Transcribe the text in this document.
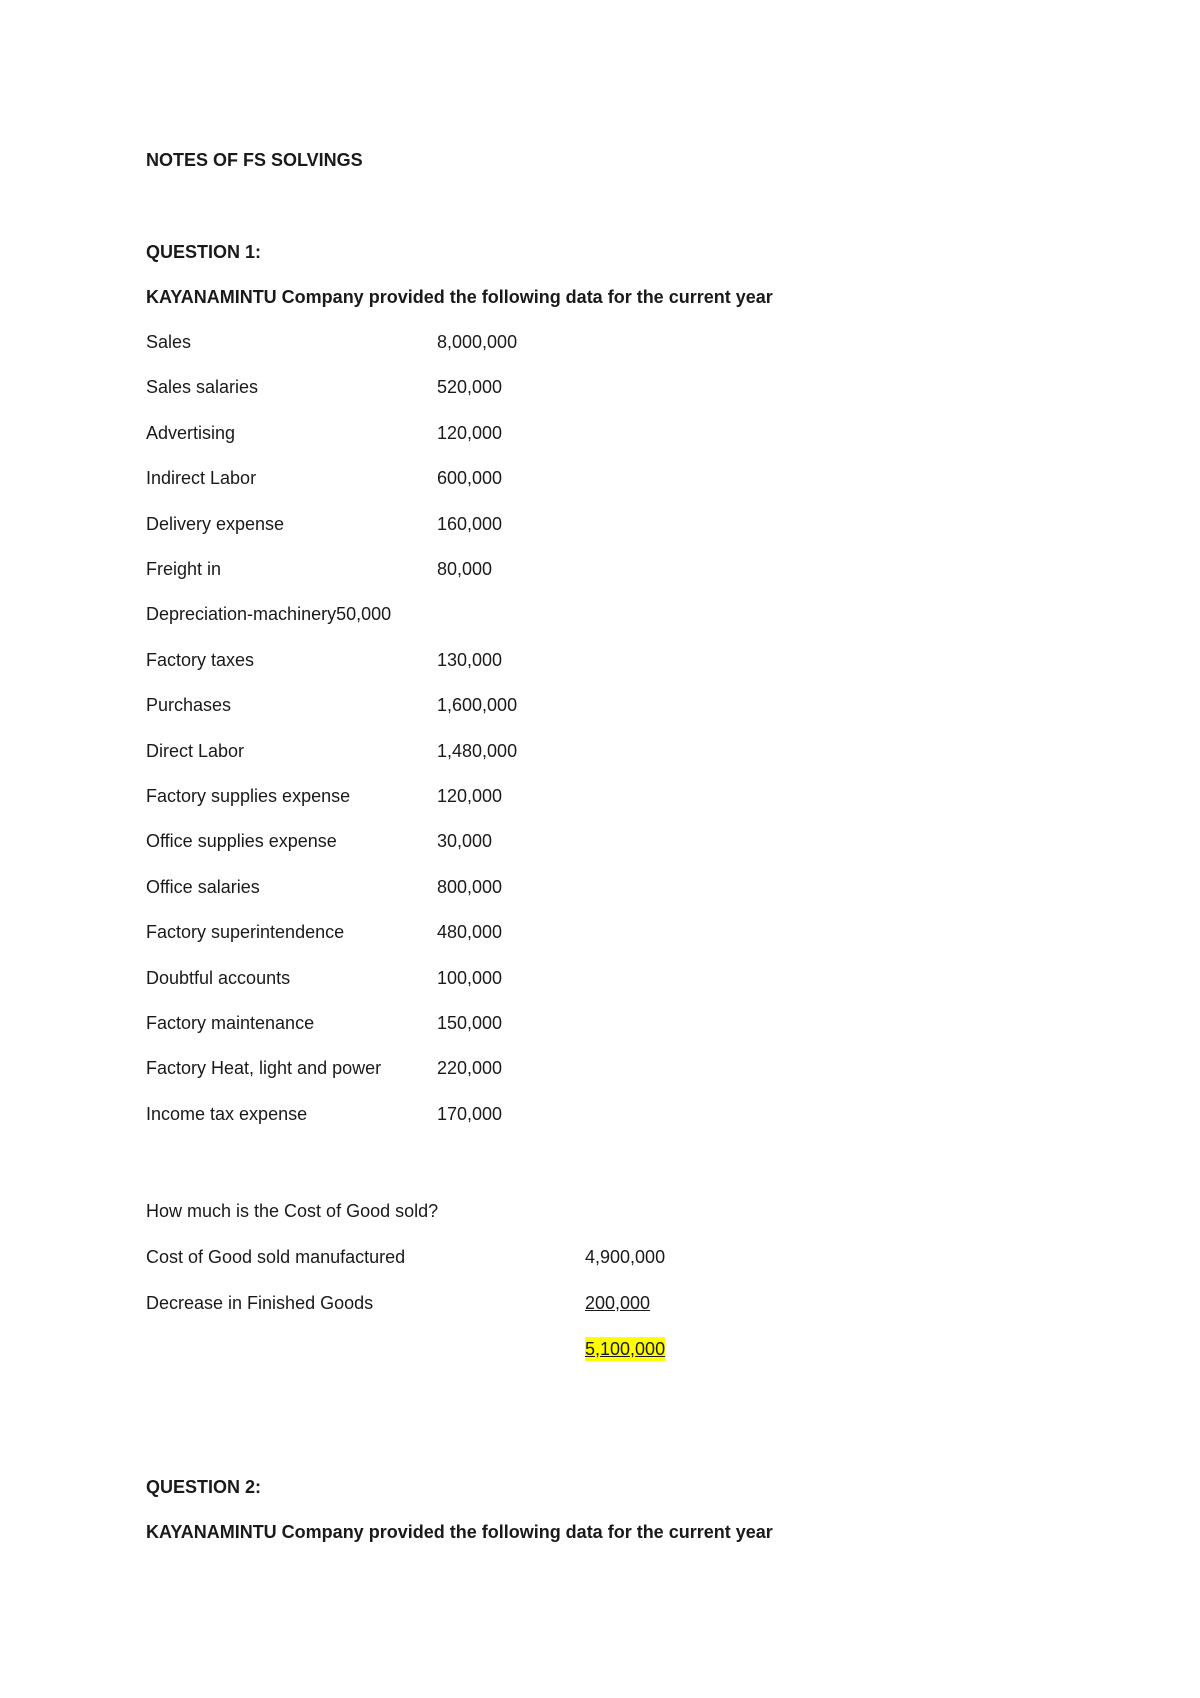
NOTES OF FS SOLVINGS
QUESTION 1:
KAYANAMINTU Company provided the following data for the current year
Sales	8,000,000
Sales salaries	520,000
Advertising	120,000
Indirect Labor	600,000
Delivery expense	160,000
Freight in	80,000
Depreciation-machinery50,000
Factory taxes	130,000
Purchases	1,600,000
Direct Labor	1,480,000
Factory supplies expense	120,000
Office supplies expense	30,000
Office salaries	800,000
Factory superintendence	480,000
Doubtful accounts	100,000
Factory maintenance	150,000
Factory Heat, light and power	220,000
Income tax expense	170,000
How much is the Cost of Good sold?
Cost of Good sold manufactured	4,900,000
Decrease in Finished Goods	200,000
5,100,000
QUESTION 2:
KAYANAMINTU Company provided the following data for the current year
